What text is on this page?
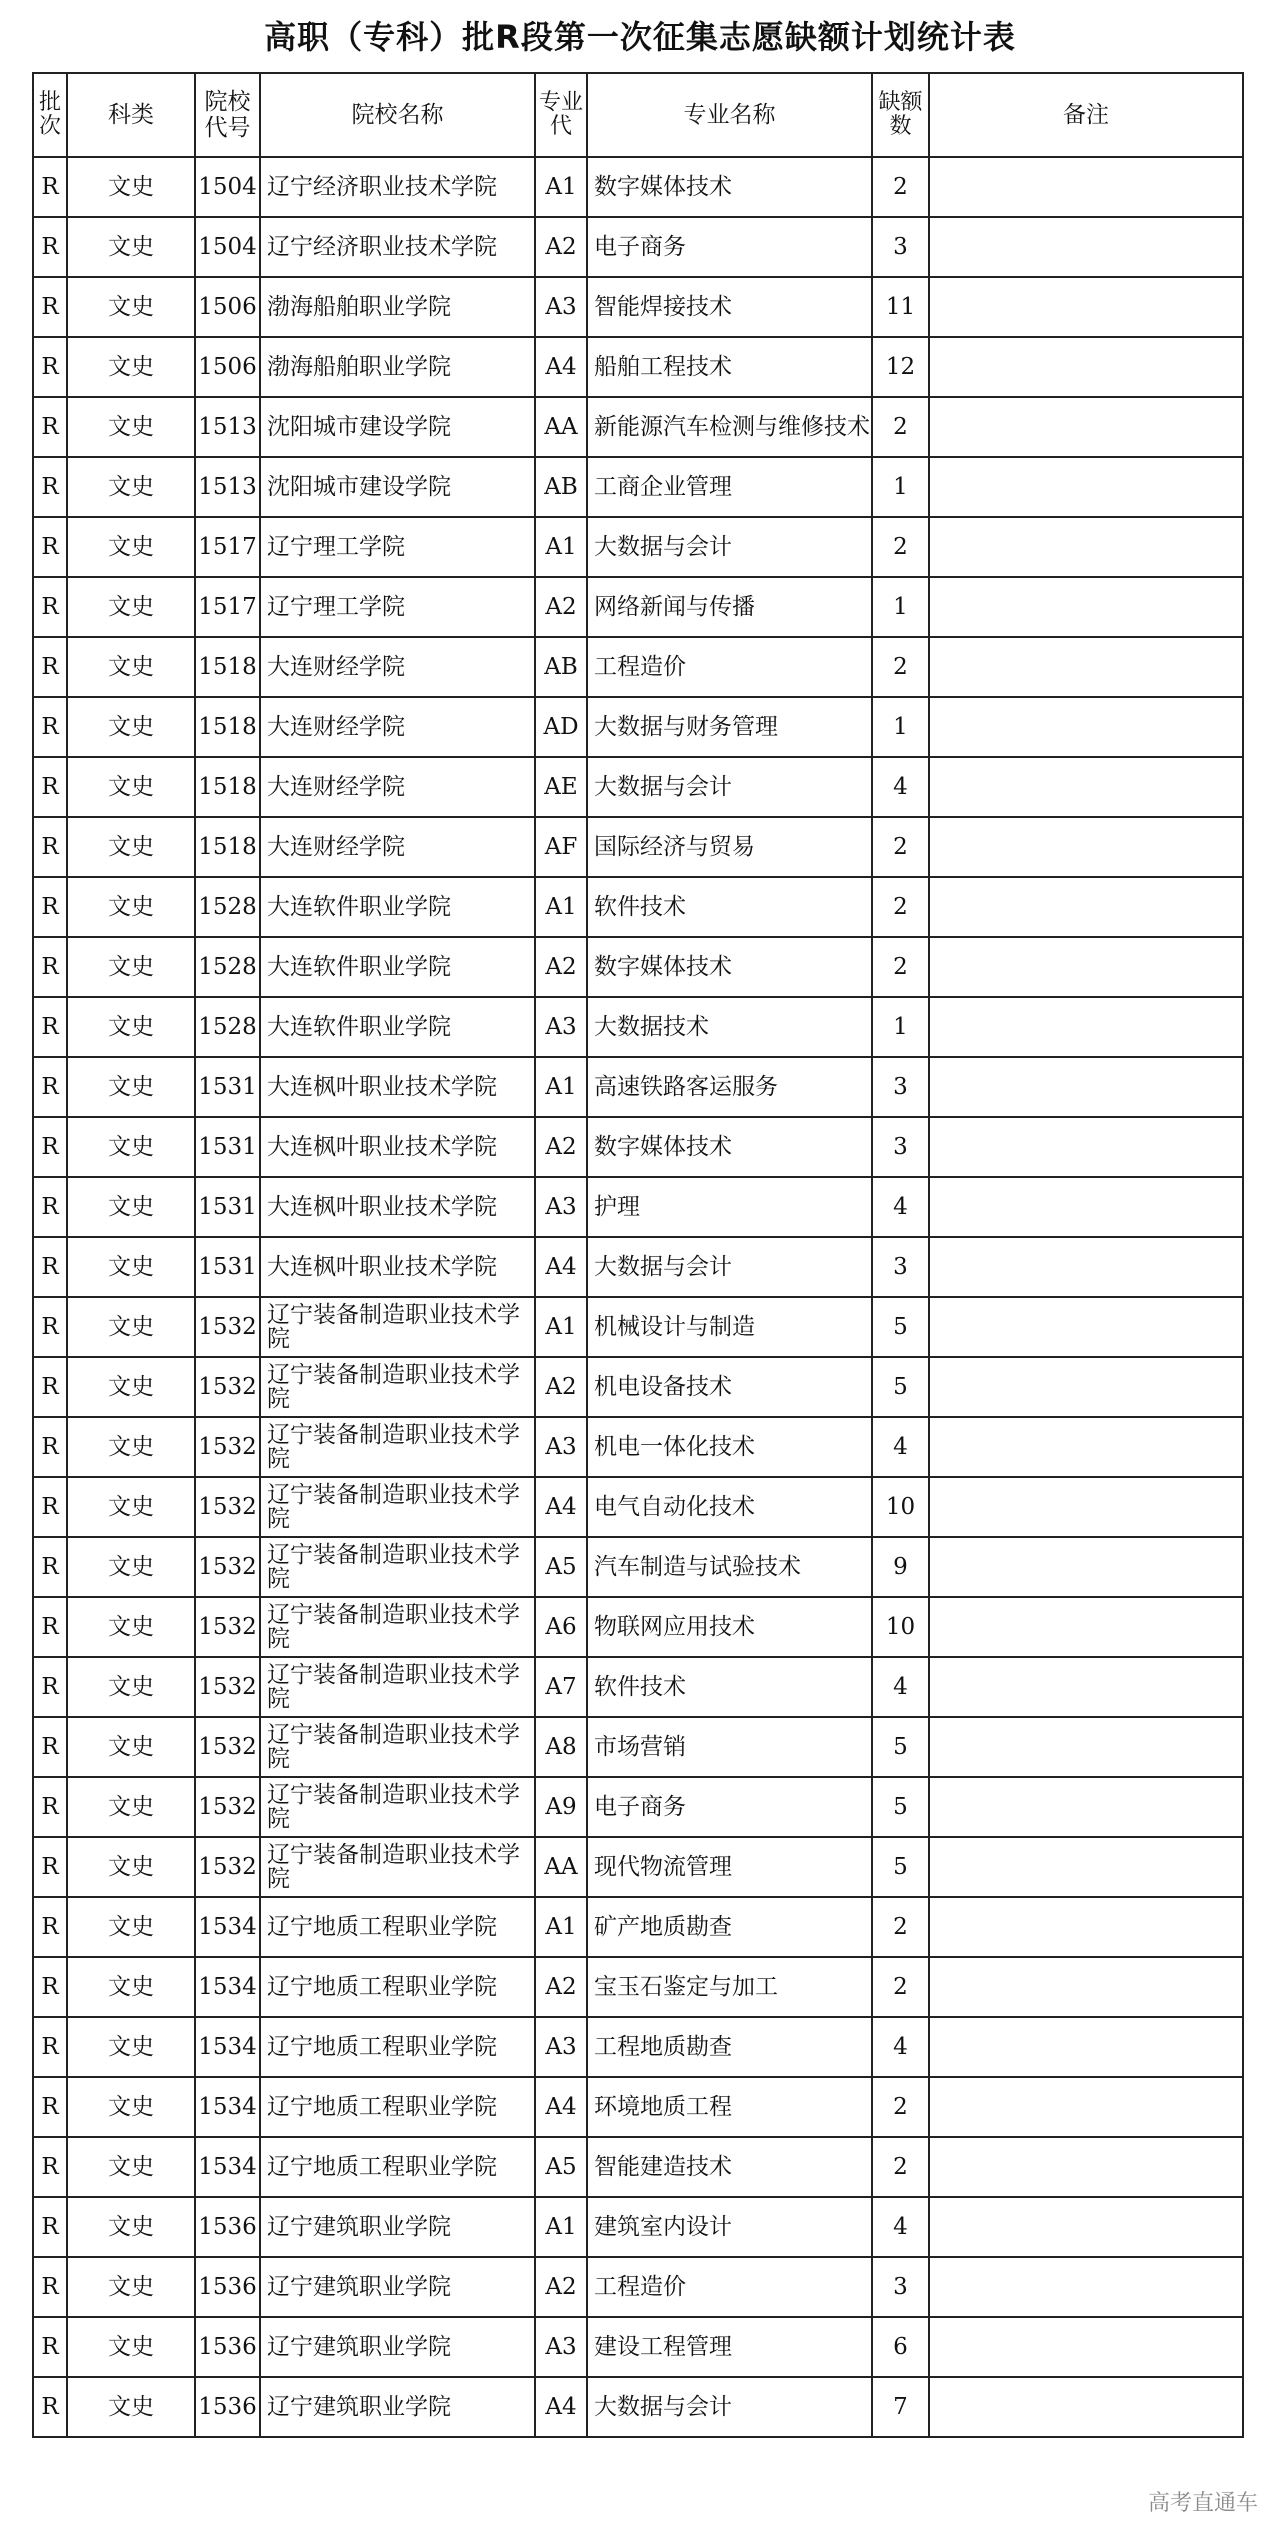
高职（专科）批R段第一次征集志愿缺额计划统计表
批次	科类	院校代号	院校名称	专业代	专业名称	缺额数	备注
R	文史	1504	辽宁经济职业技术学院	A1	数字媒体技术	2	
R	文史	1504	辽宁经济职业技术学院	A2	电子商务	3	
R	文史	1506	渤海船舶职业学院	A3	智能焊接技术	11	
R	文史	1506	渤海船舶职业学院	A4	船舶工程技术	12	
R	文史	1513	沈阳城市建设学院	AA	新能源汽车检测与维修技术	2	
R	文史	1513	沈阳城市建设学院	AB	工商企业管理	1	
R	文史	1517	辽宁理工学院	A1	大数据与会计	2	
R	文史	1517	辽宁理工学院	A2	网络新闻与传播	1	
R	文史	1518	大连财经学院	AB	工程造价	2	
R	文史	1518	大连财经学院	AD	大数据与财务管理	1	
R	文史	1518	大连财经学院	AE	大数据与会计	4	
R	文史	1518	大连财经学院	AF	国际经济与贸易	2	
R	文史	1528	大连软件职业学院	A1	软件技术	2	
R	文史	1528	大连软件职业学院	A2	数字媒体技术	2	
R	文史	1528	大连软件职业学院	A3	大数据技术	1	
R	文史	1531	大连枫叶职业技术学院	A1	高速铁路客运服务	3	
R	文史	1531	大连枫叶职业技术学院	A2	数字媒体技术	3	
R	文史	1531	大连枫叶职业技术学院	A3	护理	4	
R	文史	1531	大连枫叶职业技术学院	A4	大数据与会计	3	
R	文史	1532	辽宁装备制造职业技术学院	A1	机械设计与制造	5	
R	文史	1532	辽宁装备制造职业技术学院	A2	机电设备技术	5	
R	文史	1532	辽宁装备制造职业技术学院	A3	机电一体化技术	4	
R	文史	1532	辽宁装备制造职业技术学院	A4	电气自动化技术	10	
R	文史	1532	辽宁装备制造职业技术学院	A5	汽车制造与试验技术	9	
R	文史	1532	辽宁装备制造职业技术学院	A6	物联网应用技术	10	
R	文史	1532	辽宁装备制造职业技术学院	A7	软件技术	4	
R	文史	1532	辽宁装备制造职业技术学院	A8	市场营销	5	
R	文史	1532	辽宁装备制造职业技术学院	A9	电子商务	5	
R	文史	1532	辽宁装备制造职业技术学院	AA	现代物流管理	5	
R	文史	1534	辽宁地质工程职业学院	A1	矿产地质勘查	2	
R	文史	1534	辽宁地质工程职业学院	A2	宝玉石鉴定与加工	2	
R	文史	1534	辽宁地质工程职业学院	A3	工程地质勘查	4	
R	文史	1534	辽宁地质工程职业学院	A4	环境地质工程	2	
R	文史	1534	辽宁地质工程职业学院	A5	智能建造技术	2	
R	文史	1536	辽宁建筑职业学院	A1	建筑室内设计	4	
R	文史	1536	辽宁建筑职业学院	A2	工程造价	3	
R	文史	1536	辽宁建筑职业学院	A3	建设工程管理	6	
R	文史	1536	辽宁建筑职业学院	A4	大数据与会计	7	
高考直通车
